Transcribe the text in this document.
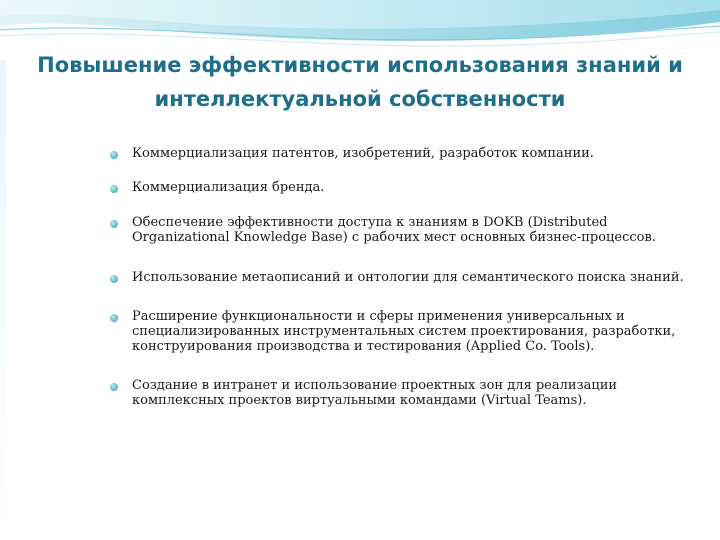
Повышение эффективности использования знаний и интеллектуальной собственности
Коммерциализация патентов, изобретений, разработок компании.
Коммерциализация бренда.
Обеспечение эффективности доступа к знаниям в DOKB (Distributed Organizational Knowledge Base) с рабочих мест основных бизнес-процессов.
Использование метаописаний и онтологии для семантического поиска знаний.
Расширение функциональности и сферы применения универсальных и специализированных инструментальных систем проектирования, разработки, конструирования производства и тестирования (Applied Co. Tools).
Создание в интранет и использование проектных зон для реализации комплексных проектов виртуальными командами (Virtual Teams).
